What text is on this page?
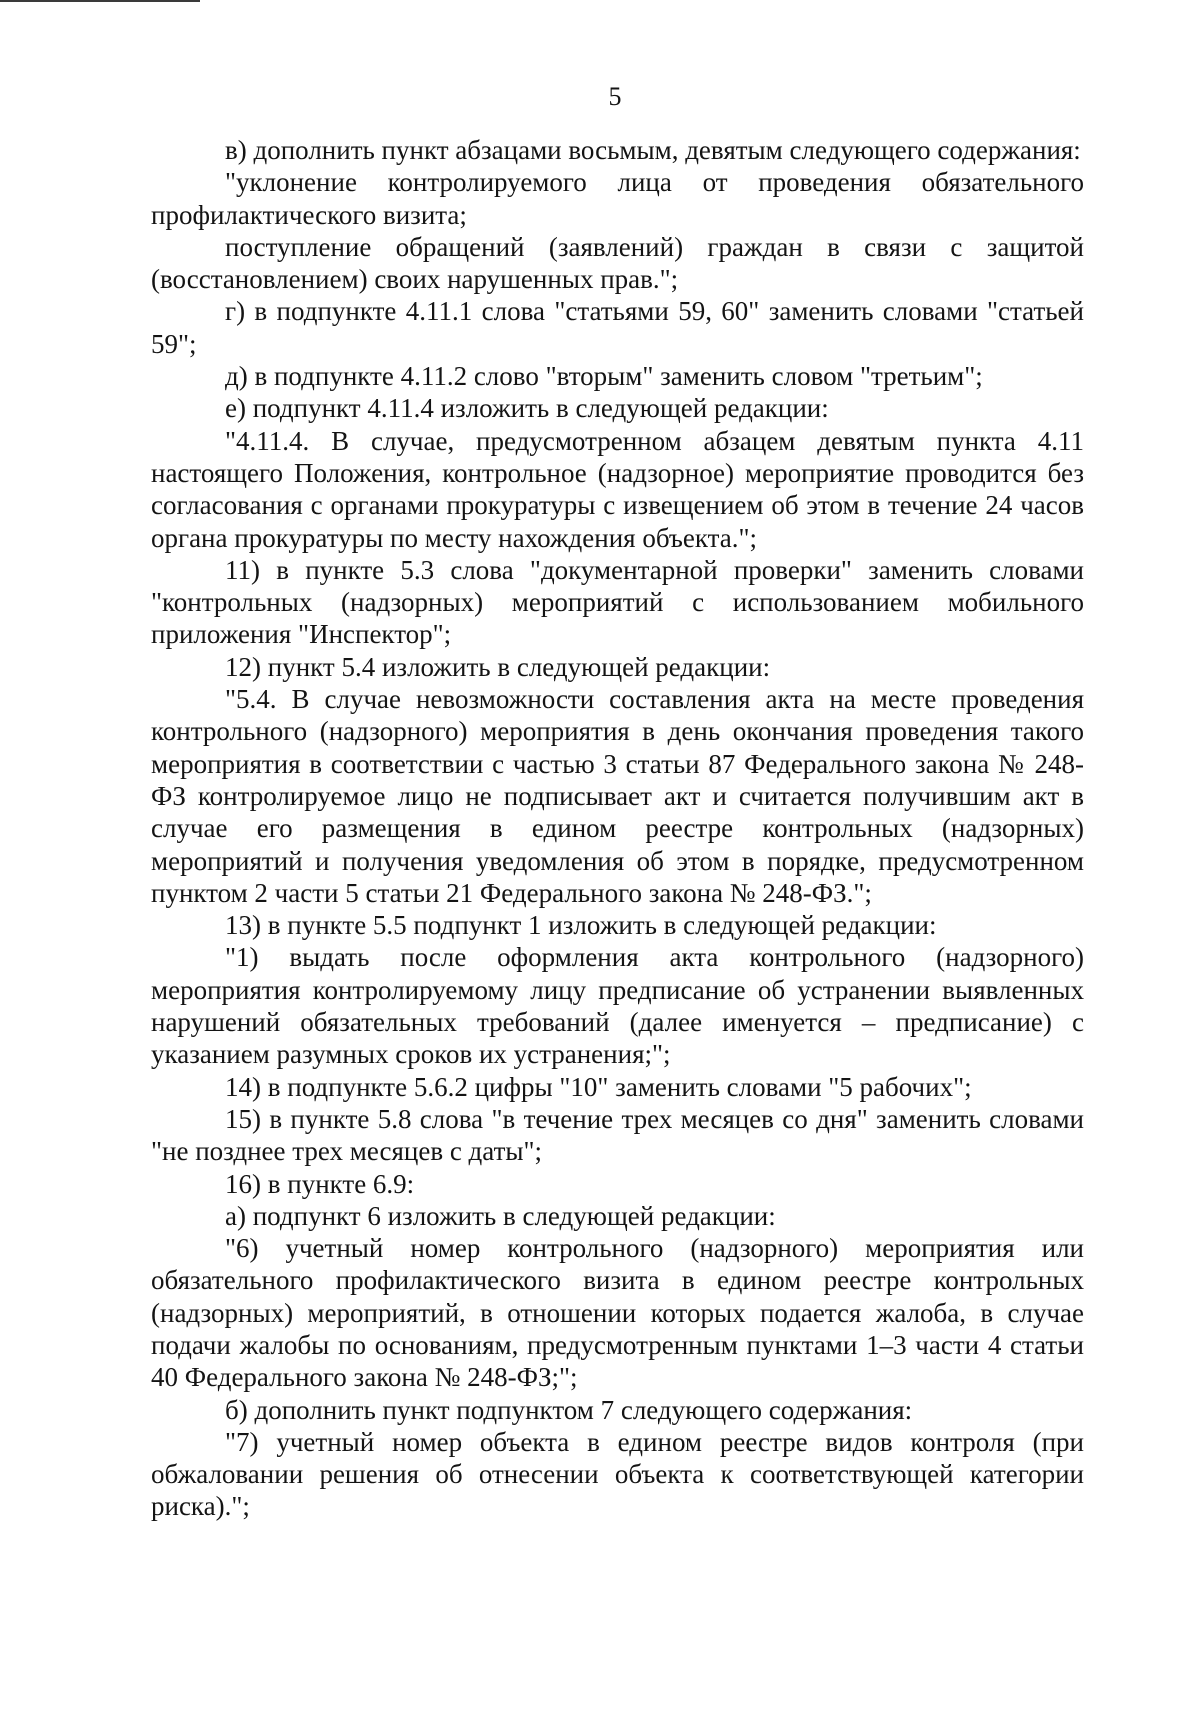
5

в) дополнить пункт абзацами восьмым, девятым следующего содержания:

"уклонение контролируемого лица от проведения обязательного профилактического визита;

поступление обращений (заявлений) граждан в связи с защитой (восстановлением) своих нарушенных прав.";

г) в подпункте 4.11.1 слова "статьями 59, 60" заменить словами "статьей 59";

д) в подпункте 4.11.2 слово "вторым" заменить словом "третьим";

е) подпункт 4.11.4 изложить в следующей редакции:

"4.11.4. В случае, предусмотренном абзацем девятым пункта 4.11 настоящего Положения, контрольное (надзорное) мероприятие проводится без согласования с органами прокуратуры с извещением об этом в течение 24 часов органа прокуратуры по месту нахождения объекта.";

11) в пункте 5.3 слова "документарной проверки" заменить словами "контрольных (надзорных) мероприятий с использованием мобильного приложения "Инспектор";

12) пункт 5.4 изложить в следующей редакции:

"5.4. В случае невозможности составления акта на месте проведения контрольного (надзорного) мероприятия в день окончания проведения такого мероприятия в соответствии с частью 3 статьи 87 Федерального закона № 248-ФЗ контролируемое лицо не подписывает акт и считается получившим акт в случае его размещения в едином реестре контрольных (надзорных) мероприятий и получения уведомления об этом в порядке, предусмотренном пунктом 2 части 5 статьи 21 Федерального закона № 248-ФЗ.";

13) в пункте 5.5 подпункт 1 изложить в следующей редакции:

"1) выдать после оформления акта контрольного (надзорного) мероприятия контролируемому лицу предписание об устранении выявленных нарушений обязательных требований (далее именуется – предписание) с указанием разумных сроков их устранения;";

14) в подпункте 5.6.2 цифры "10" заменить словами "5 рабочих";

15) в пункте 5.8 слова "в течение трех месяцев со дня" заменить словами "не позднее трех месяцев с даты";

16) в пункте 6.9:

а) подпункт 6 изложить в следующей редакции:

"6) учетный номер контрольного (надзорного) мероприятия или обязательного профилактического визита в едином реестре контрольных (надзорных) мероприятий, в отношении которых подается жалоба, в случае подачи жалобы по основаниям, предусмотренным пунктами 1–3 части 4 статьи 40 Федерального закона № 248-ФЗ;";

б) дополнить пункт подпунктом 7 следующего содержания:

"7) учетный номер объекта в едином реестре видов контроля (при обжаловании решения об отнесении объекта к соответствующей категории риска).";
